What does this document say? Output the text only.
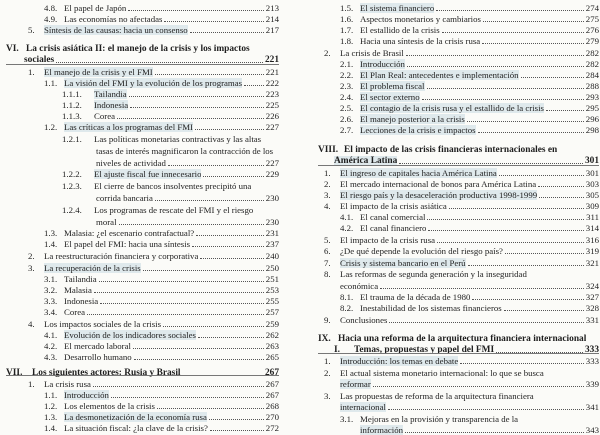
4.8. El papel de Japón	213
4.9. Las economías no afectadas	214
5.	Síntesis de las causas: hacia un consenso	217
VI. La crisis asiática II: el manejo de la crisis y los impactos
sociales	221
1.	El manejo de la crisis y el FMI	221
1.1. La visión del FMI y la evolución de los programas	222
1.1.1.	Tailandia	223
1.1.2.	Indonesia	225
1.1.3.	Corea	226
1.2. Las críticas a los programas del FMI	227
1.2.1.	Las políticas monetarias contractivas y las altas
tasas de interés magnificaron la contracción de los
niveles de actividad	227
1.2.2.	El ajuste fiscal fue innecesario	229
1.2.3.	El cierre de bancos insolventes precipitó una
corrida bancaria	230
1.2.4.	Los programas de rescate del FMI y el riesgo
moral	230
1.3. Malasia: ¿el escenario contrafactual?	231
1.4. El papel del FMI: hacia una síntesis	237
2.	La reestructuración financiera y corporativa	240
3.	La recuperación de la crisis	250
3.1. Tailandia	251
3.2. Malasia	253
3.3. Indonesia	255
3.4. Corea	257
4.	Los impactos sociales de la crisis	259
4.1. Evolución de los indicadores sociales	262
4.2. El mercado laboral	263
4.3. Desarrollo humano	265
VII.	Los siguientes actores: Rusia y Brasil	267
1.	La crisis rusa	267
1.1. Introducción	267
1.2. Los elementos de la crisis	268
1.3. La desmonetización de la economía rusa	270
1.4. La situación fiscal: ¿la clave de la crisis?	272
1.5. El sistema financiero	274
1.6. Aspectos monetarios y cambiarios	275
1.7. El estallido de la crisis	276
1.8. Hacia una síntesis de la crisis rusa	279
2.	La crisis de Brasil	282
2.1. Introducción	282
2.2. El Plan Real: antecedentes e implementación	284
2.3. El problema fiscal	288
2.4. El sector externo	293
2.5. El contagio de la crisis rusa y el estallido de la crisis	295
2.6. El manejo posterior a la crisis	296
2.7. Lecciones de la crisis e impactos	298
VIII. El impacto de las crisis financieras internacionales en
América Latina	301
1.	El ingreso de capitales hacia América Latina	301
2.	El mercado internacional de bonos para América Latina	303
3.	El riesgo país y la desaceleración productiva 1998-1999	305
4.	El impacto de la crisis asiática	309
4.1. El canal comercial	311
4.2. El canal financiero	314
5.	El impacto de la crisis rusa	316
6.	¿De qué depende la evolución del riesgo país?	319
7.	Crisis y sistema bancario en el Perú	321
8.	Las reformas de segunda generación y la inseguridad
económica	324
8.1. El trauma de la década de 1980	327
8.2. Inestabilidad de los sistemas financieros	328
9.	Conclusiones	331
IX. Hacia una reforma de la arquitectura financiera internacional
I.	Temas, propuestas y papel del FMI	333
1.	Introducción: los temas en debate	333
2.	El actual sistema monetario internacional: lo que se busca
reformar	339
3.	Las propuestas de reforma de la arquitectura financiera
internacional	341
3.1. Mejoras en la provisión y transparencia de la
información	343
